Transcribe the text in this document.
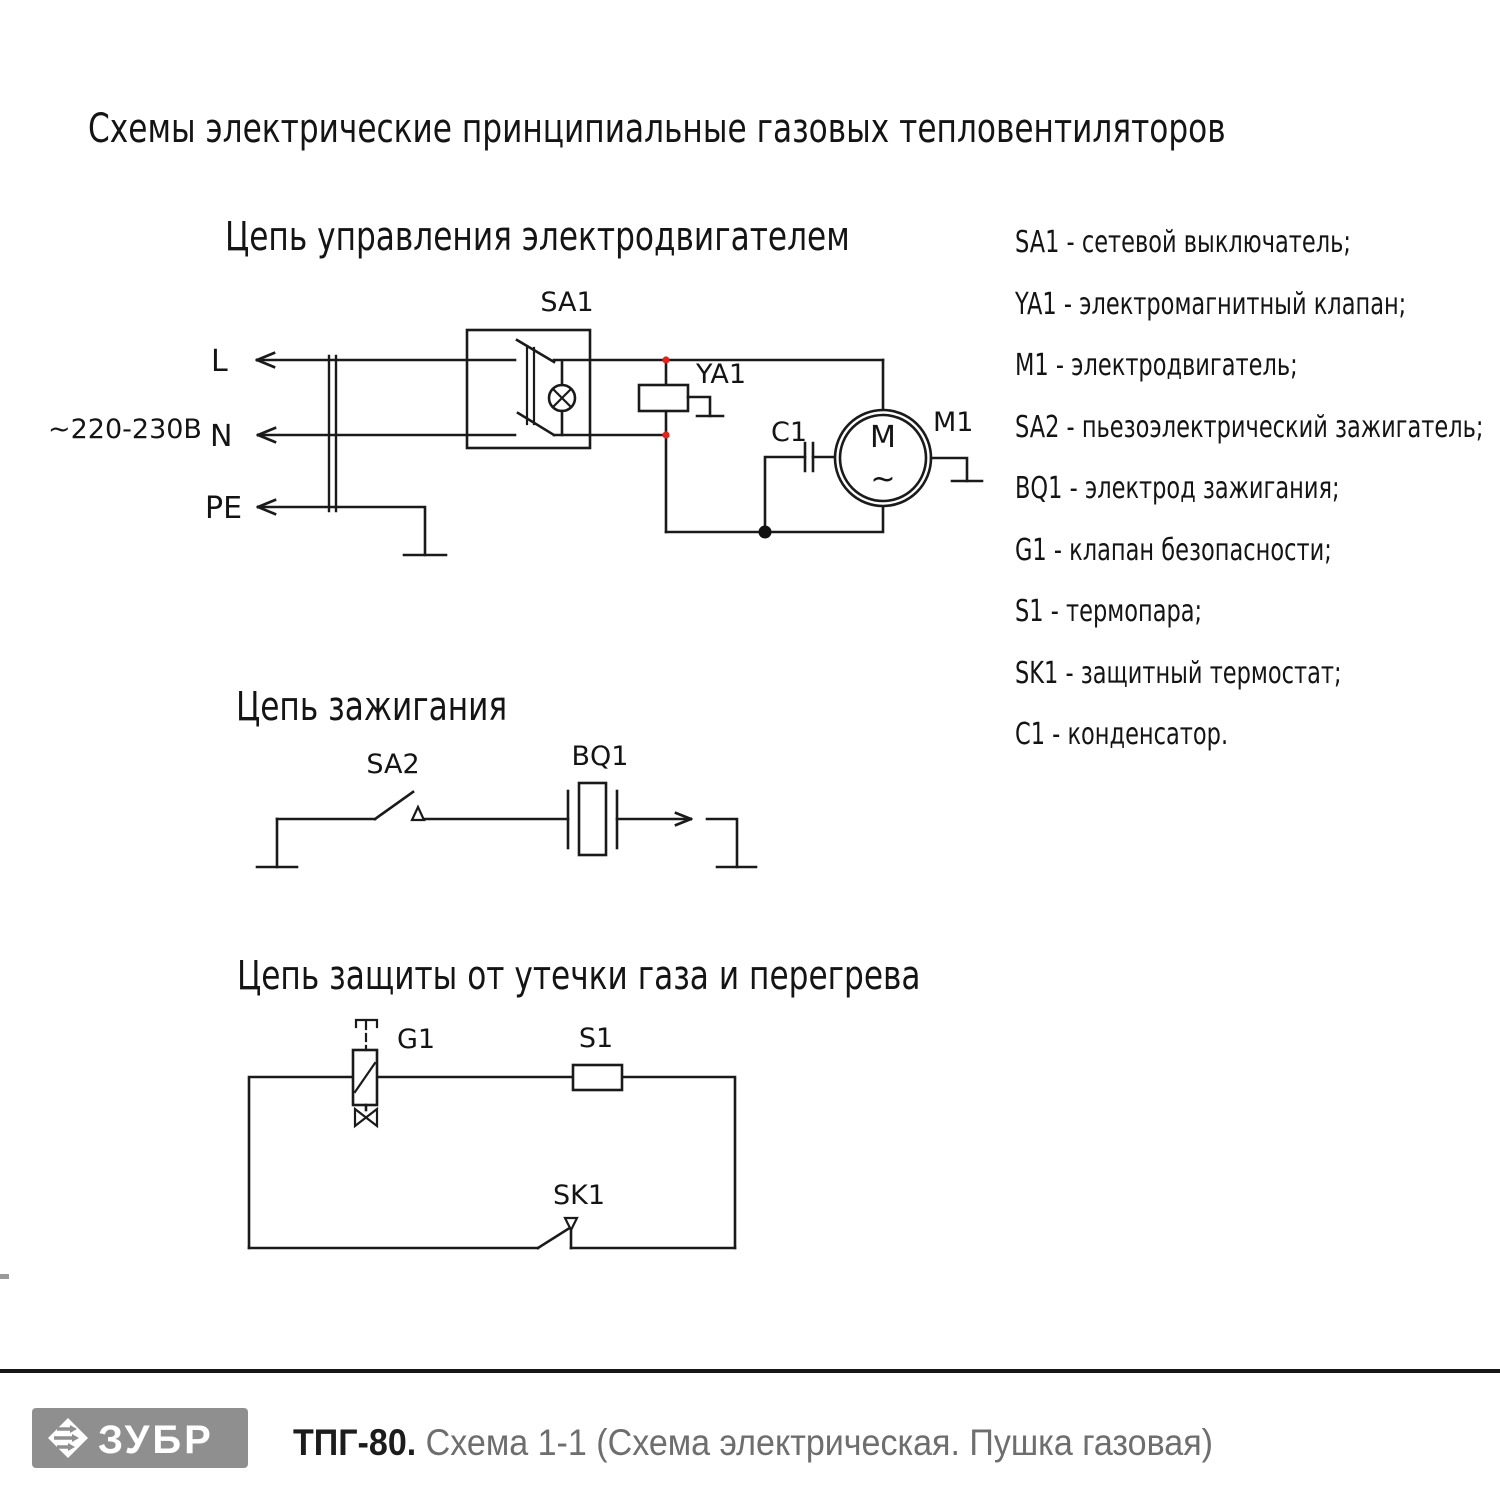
Схемы электрические принципиальные газовых тепловентиляторов
Цепь управления электродвигателем
Цепь зажигания
Цепь защиты от утечки газа и перегрева
SA1 - сетевой выключатель;
YA1 - электромагнитный клапан;
M1 - электродвигатель;
SA2 - пьезоэлектрический зажигатель;
BQ1 - электрод зажигания;
G1 - клапан безопасности;
S1 - термопара;
SK1 - защитный термостат;
C1 - конденсатор.
~220-230В
L
N
PE
SA1
YA1
C1	M1
M
~
SA2	BQ1
G1	S1
SK1
ЗУБР ТПГ-80. Схема 1-1 (Схема электрическая. Пушка газовая)
